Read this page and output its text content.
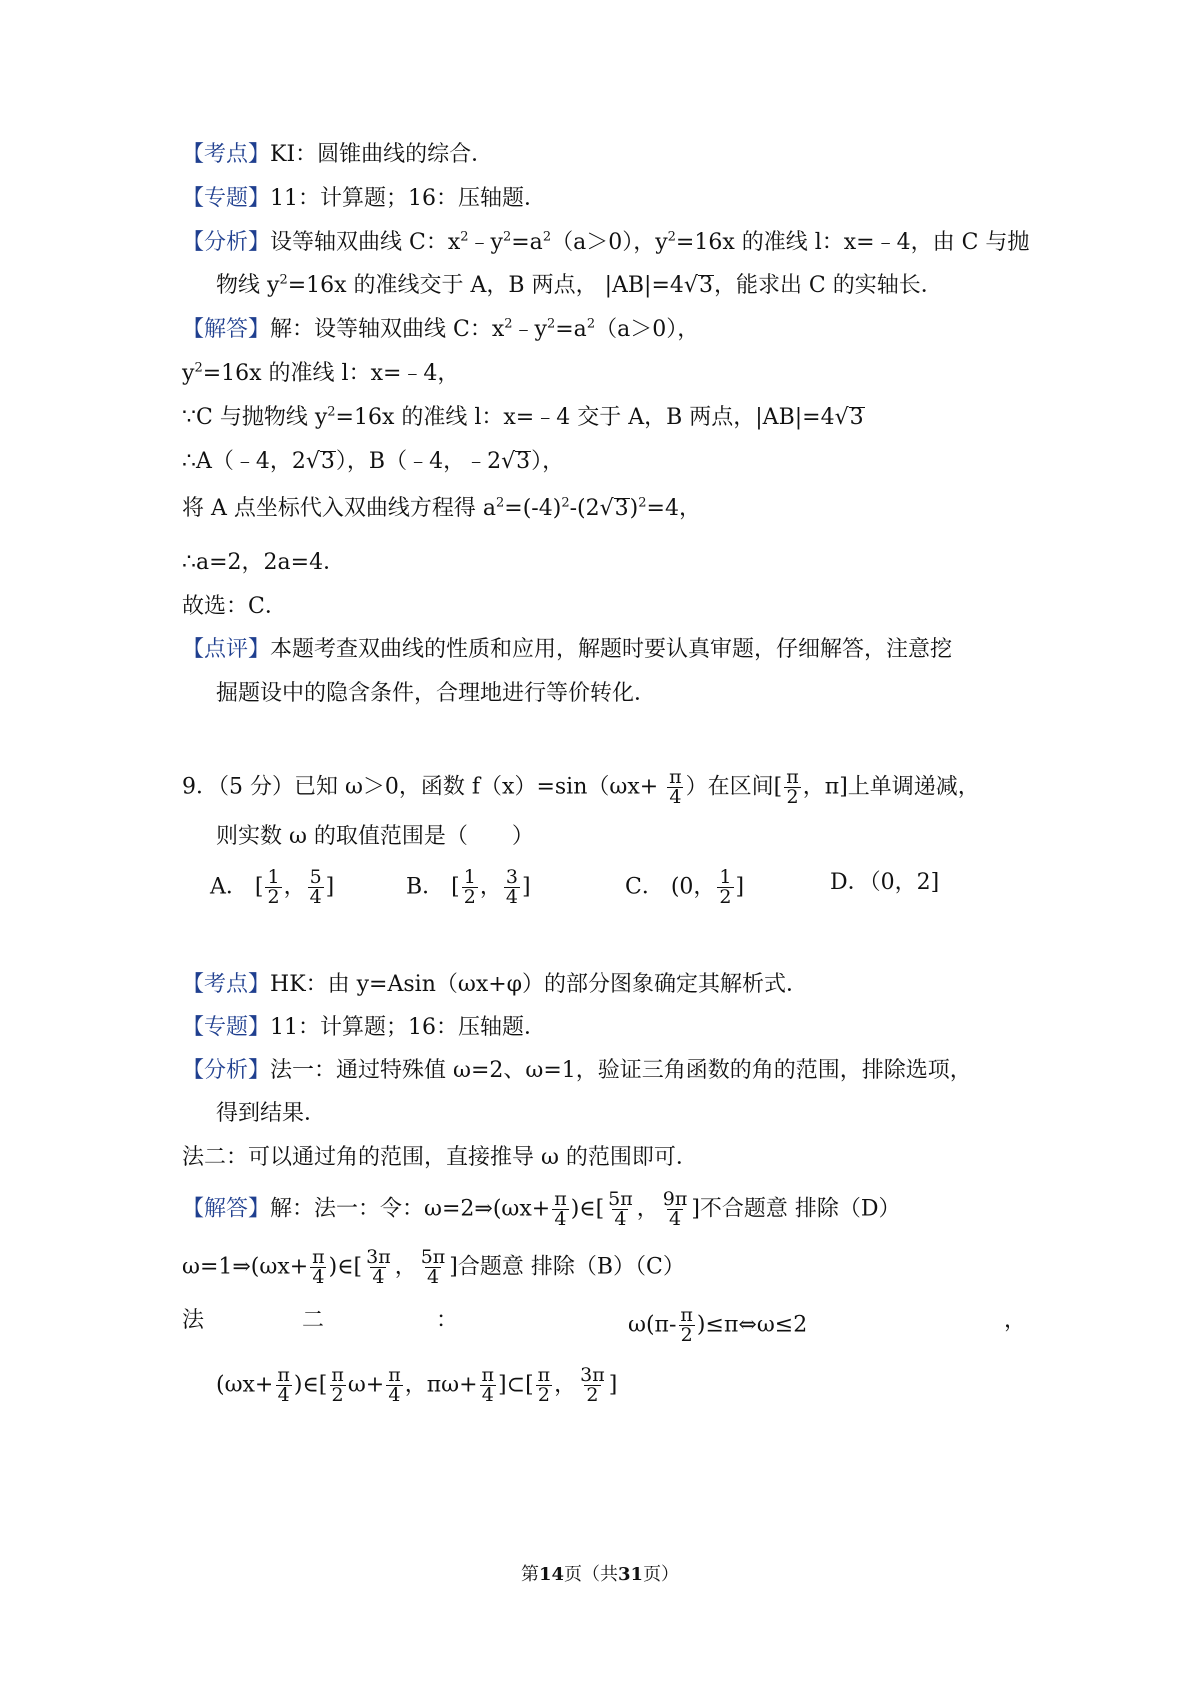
【考点】KI：圆锥曲线的综合．
【专题】11：计算题；16：压轴题．
【分析】设等轴双曲线 C：$x^2﹣y^2=a^2(a>0)$，$y^2=16x$ 的准线 l：x=﹣4，由 C 与抛
物线 $y^2=16x$ 的准线交于 A，B 两点， |AB|=4√3，能求出 C 的实轴长．
【解答】解：设等轴双曲线 C：$x^2﹣y^2=a^2(a>0)$，
$y^2=16x$ 的准线 l：x=﹣4，
∵C 与抛物线 $y^2=16x$ 的准线 l：x=﹣4 交于 A，B 两点，|AB|=4√3
∴A（﹣4，2√3），B（﹣4，﹣2√3），
将 A 点坐标代入双曲线方程得 $a^2=(-4)^2-(2√3)^2=4$，
∴a=2，2a=4．
故选：C．
【点评】本题考查双曲线的性质和应用，解题时要认真审题，仔细解答，注意挖
掘题设中的隐含条件，合理地进行等价转化．
9．（5 分）已知 ω＞0，函数 $f(x)=\sin(\omega x+ \frac{\pi}{4}$ ）在区间[ $\frac{\pi}{2}$ ，π]上单调递减，
则实数 ω 的取值范围是（　　）
A． [ $\frac{1}{2}$ ， $\frac{5}{4}$ ]	B． [ $\frac{1}{2}$ ， $\frac{3}{4}$ ]	C． (0， $\frac{1}{2}$ ]	D．（0，2]
【考点】HK：由 y=Asin（ωx+φ）的部分图象确定其解析式．
【专题】11：计算题；16：压轴题．
【分析】法一：通过特殊值 ω=2、ω=1，验证三角函数的角的范围，排除选项，
得到结果．
法二：可以通过角的范围，直接推导 ω 的范围即可．
【解答】解：法一：令：ω=2⇒(ωx+ $\frac{\pi}{4}$ )∈[ $\frac{5\pi}{4}$ ， $\frac{9\pi}{4}$ ]不合题意 排除（D）
ω=1⇒(ωx+ $\frac{\pi}{4}$ )∈[ $\frac{3\pi}{4}$ ， $\frac{5\pi}{4}$ ]合题意 排除（B）（C）
法	二	：	$\omega(\pi- \frac{\pi}{2}$ )≤π⇔ω≤2	，
($\omega x+ \frac{\pi}{4}$ )∈[ $\frac{\pi}{2} \omega+ \frac{\pi}{4}$ ，$\pi\omega+ \frac{\pi}{4}$ ]⊂[ $\frac{\pi}{2}$ ， $\frac{3\pi}{2}$ ]
第14页（共31页）
